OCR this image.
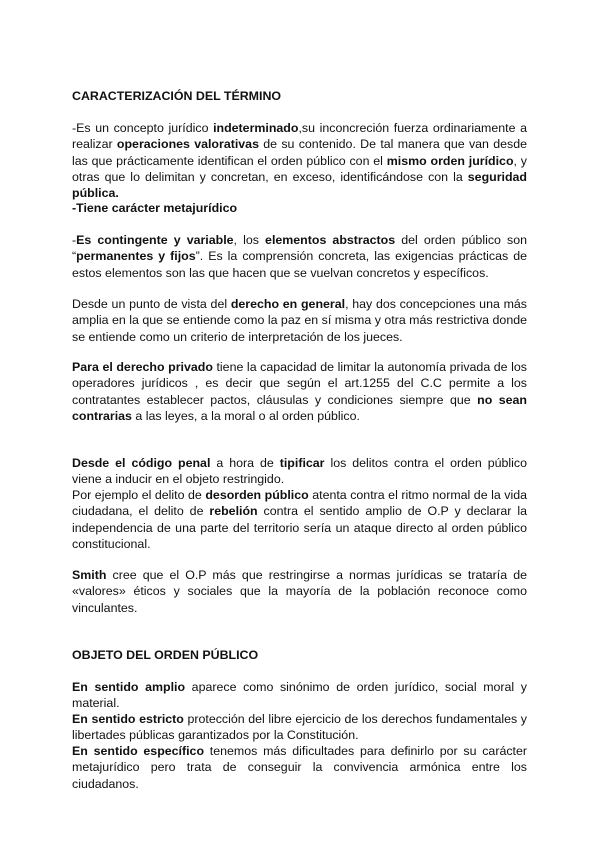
CARACTERIZACIÓN DEL TÉRMINO

-Es un concepto jurídico indeterminado,su inconcreción fuerza ordinariamente a realizar operaciones valorativas de su contenido. De tal manera que van desde las que prácticamente identifican el orden público con el mismo orden jurídico, y otras que lo delimitan y concretan, en exceso, identificándose con la seguridad pública.

-Tiene carácter metajurídico

-Es contingente y variable, los elementos abstractos del orden público son “permanentes y fijos”. Es la comprensión concreta, las exigencias prácticas de estos elementos son las que hacen que se vuelvan concretos y específicos.

Desde un punto de vista del derecho en general, hay dos concepciones una más amplia en la que se entiende como la paz en sí misma y otra más restrictiva donde se entiende como un criterio de interpretación de los jueces.

Para el derecho privado tiene la capacidad de limitar la autonomía privada de los operadores jurídicos , es decir que según el art.1255 del C.C permite a los contratantes establecer pactos, cláusulas y condiciones siempre que no sean contrarias a las leyes, a la moral o al orden público.

Desde el código penal a hora de tipificar los delitos contra el orden público viene a inducir en el objeto restringido.

Por ejemplo el delito de desorden público atenta contra el ritmo normal de la vida ciudadana, el delito de rebelión contra el sentido amplio de O.P y declarar la independencia de una parte del territorio sería un ataque directo al orden público constitucional.

Smith cree que el O.P más que restringirse a normas jurídicas se trataría de «valores» éticos y sociales que la mayoría de la población reconoce como vinculantes.

OBJETO DEL ORDEN PÚBLICO

En sentido amplio aparece como sinónimo de orden jurídico, social moral y material.

En sentido estricto protección del libre ejercicio de los derechos fundamentales y libertades públicas garantizados por la Constitución.

En sentido específico tenemos más dificultades para definirlo por su carácter metajurídico pero trata de conseguir la convivencia armónica entre los ciudadanos.
